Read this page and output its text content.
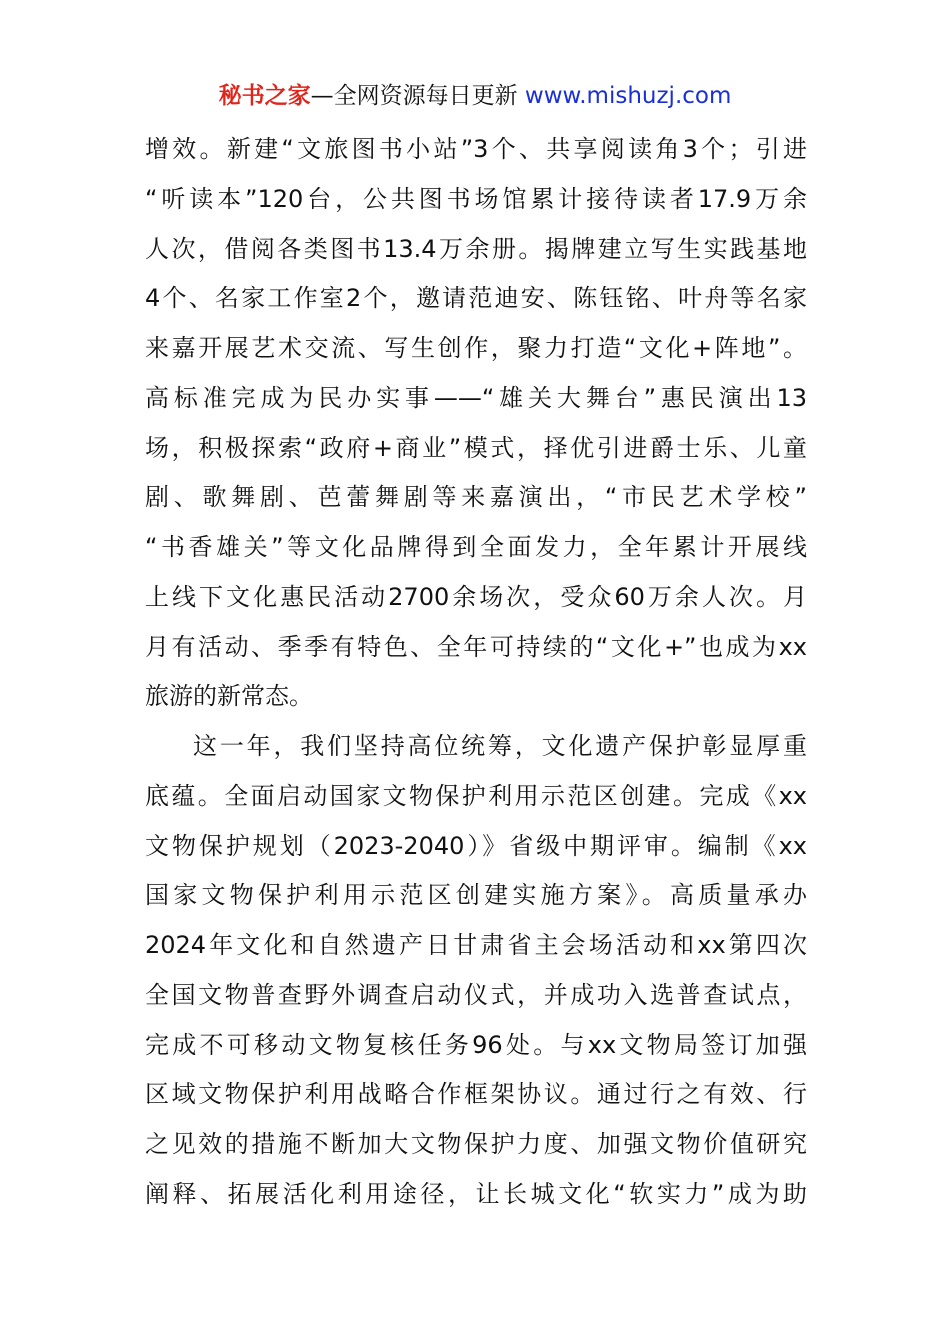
秘书之家—全网资源每日更新 www.mishuzj.com
增效。新建“文旅图书小站”3个、共享阅读角3个；引进
“听读本”120台，公共图书场馆累计接待读者17.9万余
人次，借阅各类图书13.4万余册。揭牌建立写生实践基地
4个、名家工作室2个，邀请范迪安、陈钰铭、叶舟等名家
来嘉开展艺术交流、写生创作，聚力打造“文化+阵地”。
高标准完成为民办实事——“雄关大舞台”惠民演出13
场，积极探索“政府+商业”模式，择优引进爵士乐、儿童
剧、歌舞剧、芭蕾舞剧等来嘉演出，“市民艺术学校”
“书香雄关”等文化品牌得到全面发力，全年累计开展线
上线下文化惠民活动2700余场次，受众60万余人次。月
月有活动、季季有特色、全年可持续的“文化+”也成为xx
旅游的新常态。
这一年，我们坚持高位统筹，文化遗产保护彰显厚重
底蕴。全面启动国家文物保护利用示范区创建。完成《xx
文物保护规划（2023-2040）》省级中期评审。编制《xx
国家文物保护利用示范区创建实施方案》。高质量承办
2024年文化和自然遗产日甘肃省主会场活动和xx第四次
全国文物普查野外调查启动仪式，并成功入选普查试点，
完成不可移动文物复核任务96处。与xx文物局签订加强
区域文物保护利用战略合作框架协议。通过行之有效、行
之见效的措施不断加大文物保护力度、加强文物价值研究
阐释、拓展活化利用途径，让长城文化“软实力”成为助
